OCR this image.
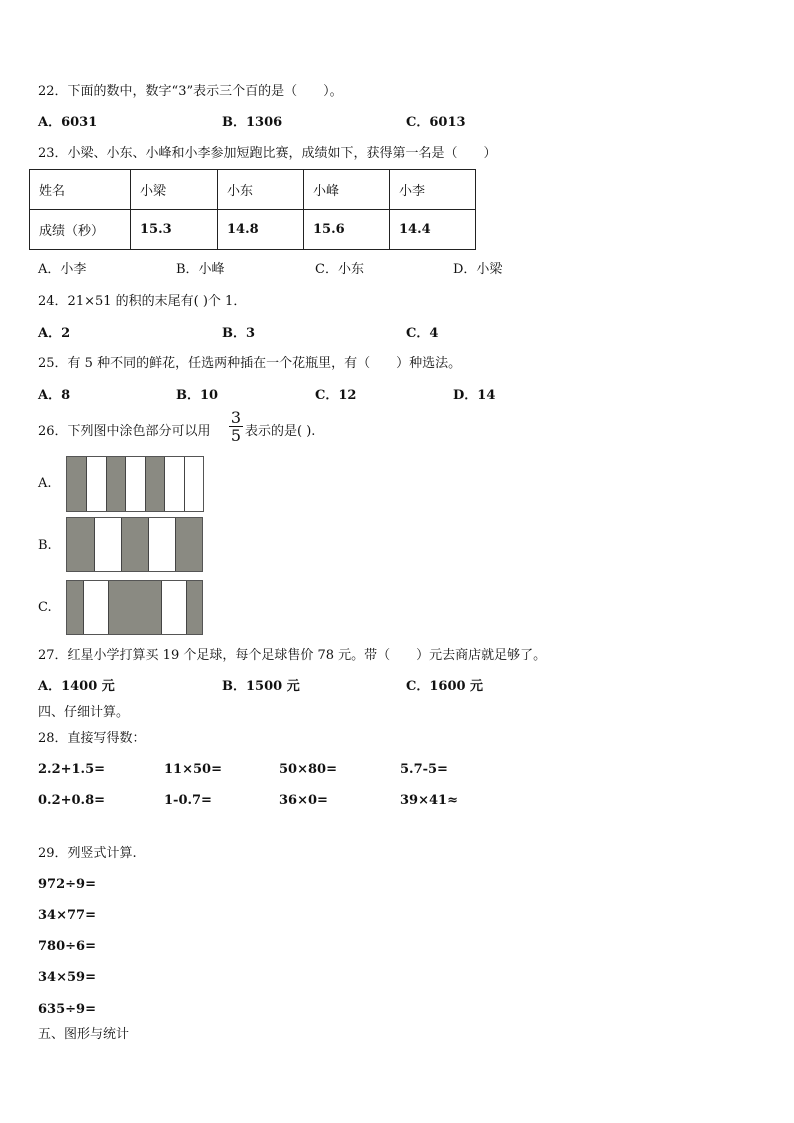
22．下面的数中，数字“3”表示三个百的是（　　）。
A．6031	B．1306	C．6013
23．小梁、小东、小峰和小李参加短跑比赛，成绩如下，获得第一名是（　　）
姓名	小梁	小东	小峰	小李
成绩（秒）	15.3	14.8	15.6	14.4
A．小李	B．小峰	C．小东	D．小梁
24．21×51 的积的末尾有( )个 1．
A．2	B．3	C．4
25．有 5 种不同的鲜花，任选两种插在一个花瓶里，有（　　）种选法。
A．8	B．10	C．12	D．14
26．下列图中涂色部分可以用 $\frac{3}{5}$ 表示的是( ).
A.
B.
C.
27．红星小学打算买 19 个足球，每个足球售价 78 元。带（　　）元去商店就足够了。
A．1400 元	B．1500 元	C．1600 元
四、仔细计算。
28．直接写得数：
2.2+1.5=	11×50=	50×80=	5.7-5=
0.2+0.8=	1-0.7=	36×0=	39×41≈
29．列竖式计算.
972÷9=
34×77=
780÷6=
34×59=
635÷9=
五、图形与统计
